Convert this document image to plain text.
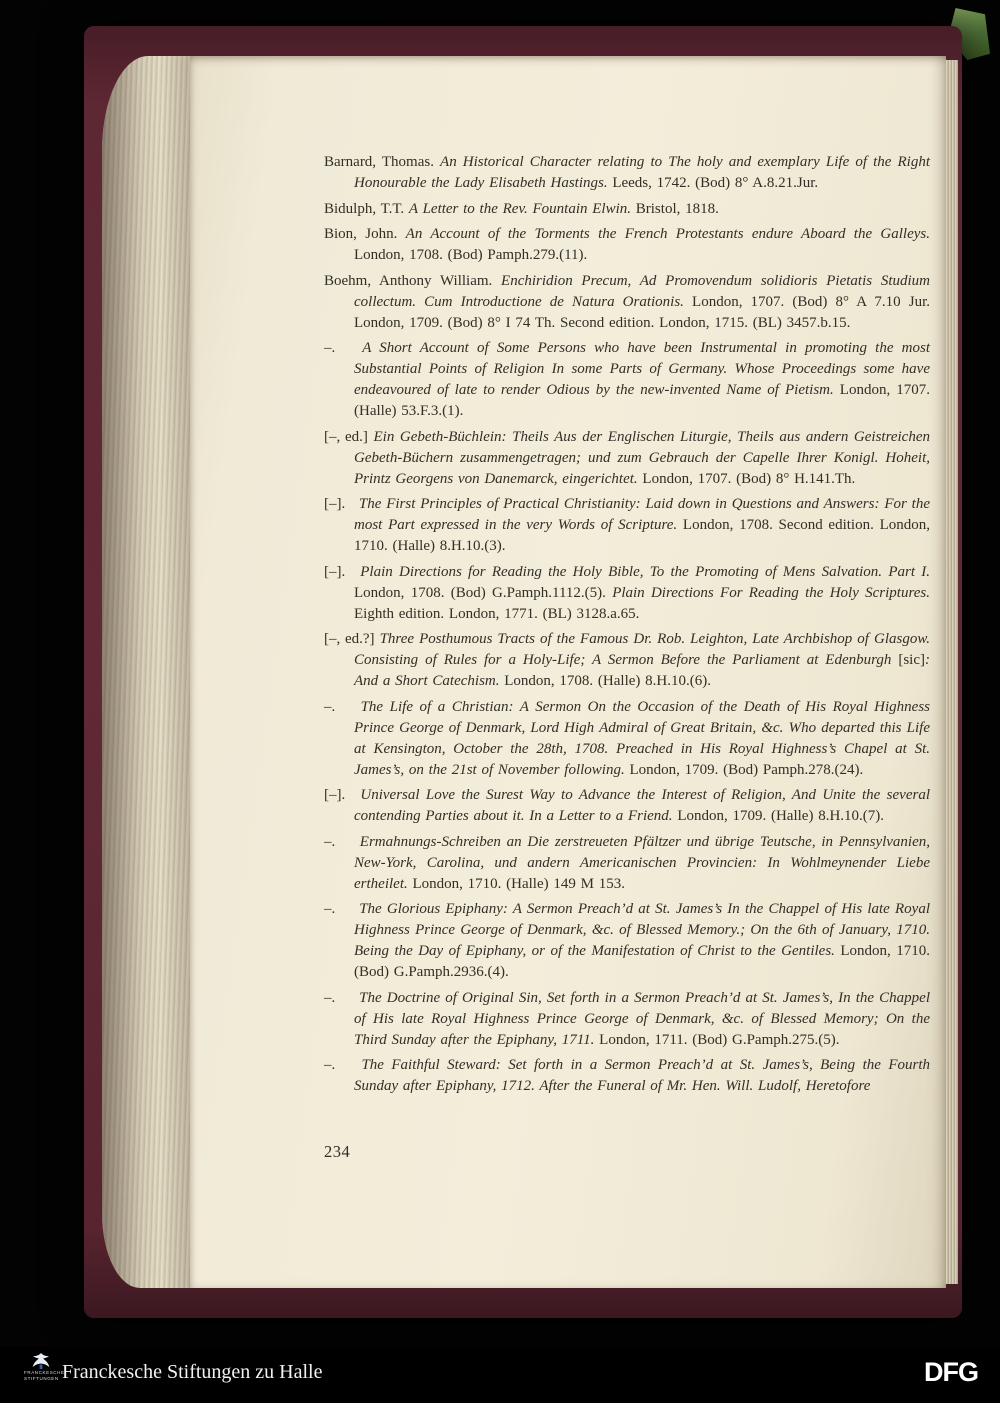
Barnard, Thomas. An Historical Character relating to The holy and exemplary Life of the Right Honourable the Lady Elisabeth Hastings. Leeds, 1742. (Bod) 8° A.8.21.Jur.

Bidulph, T.T. A Letter to the Rev. Fountain Elwin. Bristol, 1818.

Bion, John. An Account of the Torments the French Protestants endure Aboard the Galleys. London, 1708. (Bod) Pamph.279.(11).

Boehm, Anthony William. Enchiridion Precum, Ad Promovendum solidioris Pietatis Studium collectum. Cum Introductione de Natura Orationis. London, 1707. (Bod) 8° A 7.10 Jur. London, 1709. (Bod) 8° I 74 Th. Second edition. London, 1715. (BL) 3457.b.15.

–. A Short Account of Some Persons who have been Instrumental in promoting the most Substantial Points of Religion In some Parts of Germany. Whose Proceedings some have endeavoured of late to render Odious by the new-invented Name of Pietism. London, 1707. (Halle) 53.F.3.(1).

[–, ed.] Ein Gebeth-Büchlein: Theils Aus der Englischen Liturgie, Theils aus andern Geistreichen Gebeth-Büchern zusammengetragen; und zum Gebrauch der Capelle Ihrer Konigl. Hoheit, Printz Georgens von Danemarck, eingerichtet. London, 1707. (Bod) 8° H.141.Th.

[–]. The First Principles of Practical Christianity: Laid down in Questions and Answers: For the most Part expressed in the very Words of Scripture. London, 1708. Second edition. London, 1710. (Halle) 8.H.10.(3).

[–]. Plain Directions for Reading the Holy Bible, To the Promoting of Mens Salvation. Part I. London, 1708. (Bod) G.Pamph.1112.(5). Plain Directions For Reading the Holy Scriptures. Eighth edition. London, 1771. (BL) 3128.a.65.

[–, ed.?] Three Posthumous Tracts of the Famous Dr. Rob. Leighton, Late Archbishop of Glasgow. Consisting of Rules for a Holy-Life; A Sermon Before the Parliament at Edenburgh [sic]: And a Short Catechism. London, 1708. (Halle) 8.H.10.(6).

–. The Life of a Christian: A Sermon On the Occasion of the Death of His Royal Highness Prince George of Denmark, Lord High Admiral of Great Britain, &c. Who departed this Life at Kensington, October the 28th, 1708. Preached in His Royal Highness’s Chapel at St. James’s, on the 21st of November following. London, 1709. (Bod) Pamph.278.(24).

[–]. Universal Love the Surest Way to Advance the Interest of Religion, And Unite the several contending Parties about it. In a Letter to a Friend. London, 1709. (Halle) 8.H.10.(7).

–. Ermahnungs-Schreiben an Die zerstreueten Pfältzer und übrige Teutsche, in Pennsylvanien, New-York, Carolina, und andern Americanischen Provincien: In Wohlmeynender Liebe ertheilet. London, 1710. (Halle) 149 M 153.

–. The Glorious Epiphany: A Sermon Preach’d at St. James’s In the Chappel of His late Royal Highness Prince George of Denmark, &c. of Blessed Memory.; On the 6th of January, 1710. Being the Day of Epiphany, or of the Manifestation of Christ to the Gentiles. London, 1710. (Bod) G.Pamph.2936.(4).

–. The Doctrine of Original Sin, Set forth in a Sermon Preach’d at St. James’s, In the Chappel of His late Royal Highness Prince George of Denmark, &c. of Blessed Memory; On the Third Sunday after the Epiphany, 1711. London, 1711. (Bod) G.Pamph.275.(5).

–. The Faithful Steward: Set forth in a Sermon Preach’d at St. James’s, Being the Fourth Sunday after Epiphany, 1712. After the Funeral of Mr. Hen. Will. Ludolf, Heretofore

234
FRANCKESCHE
STIFTUNGEN Franckesche Stiftungen zu Halle	DFG
